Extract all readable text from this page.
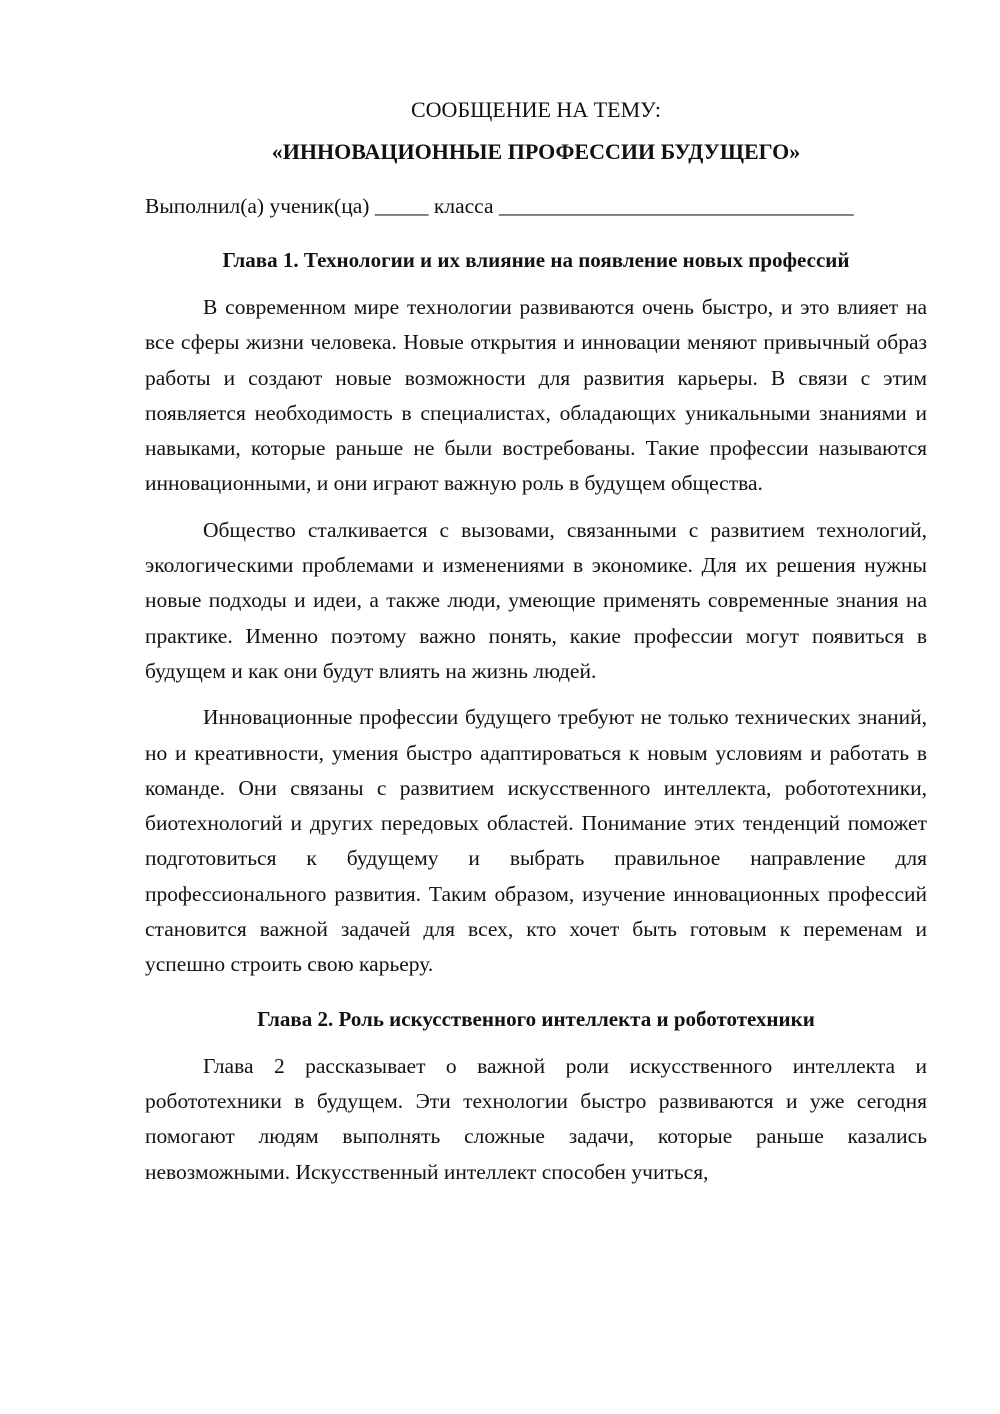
СООБЩЕНИЕ НА ТЕМУ:
«ИННОВАЦИОННЫЕ ПРОФЕССИИ БУДУЩЕГО»

Выполнил(а) ученик(ца) _____ класса _________________________________

Глава 1. Технологии и их влияние на появление новых профессий

В современном мире технологии развиваются очень быстро, и это влияет на все сферы жизни человека. Новые открытия и инновации меняют привычный образ работы и создают новые возможности для развития карьеры. В связи с этим появляется необходимость в специалистах, обладающих уникальными знаниями и навыками, которые раньше не были востребованы. Такие профессии называются инновационными, и они играют важную роль в будущем общества.

Общество сталкивается с вызовами, связанными с развитием технологий, экологическими проблемами и изменениями в экономике. Для их решения нужны новые подходы и идеи, а также люди, умеющие применять современные знания на практике. Именно поэтому важно понять, какие профессии могут появиться в будущем и как они будут влиять на жизнь людей.

Инновационные профессии будущего требуют не только технических знаний, но и креативности, умения быстро адаптироваться к новым условиям и работать в команде. Они связаны с развитием искусственного интеллекта, робототехники, биотехнологий и других передовых областей. Понимание этих тенденций поможет подготовиться к будущему и выбрать правильное направление для профессионального развития. Таким образом, изучение инновационных профессий становится важной задачей для всех, кто хочет быть готовым к переменам и успешно строить свою карьеру.

Глава 2. Роль искусственного интеллекта и робототехники

Глава 2 рассказывает о важной роли искусственного интеллекта и робототехники в будущем. Эти технологии быстро развиваются и уже сегодня помогают людям выполнять сложные задачи, которые раньше казались невозможными. Искусственный интеллект способен учиться,
